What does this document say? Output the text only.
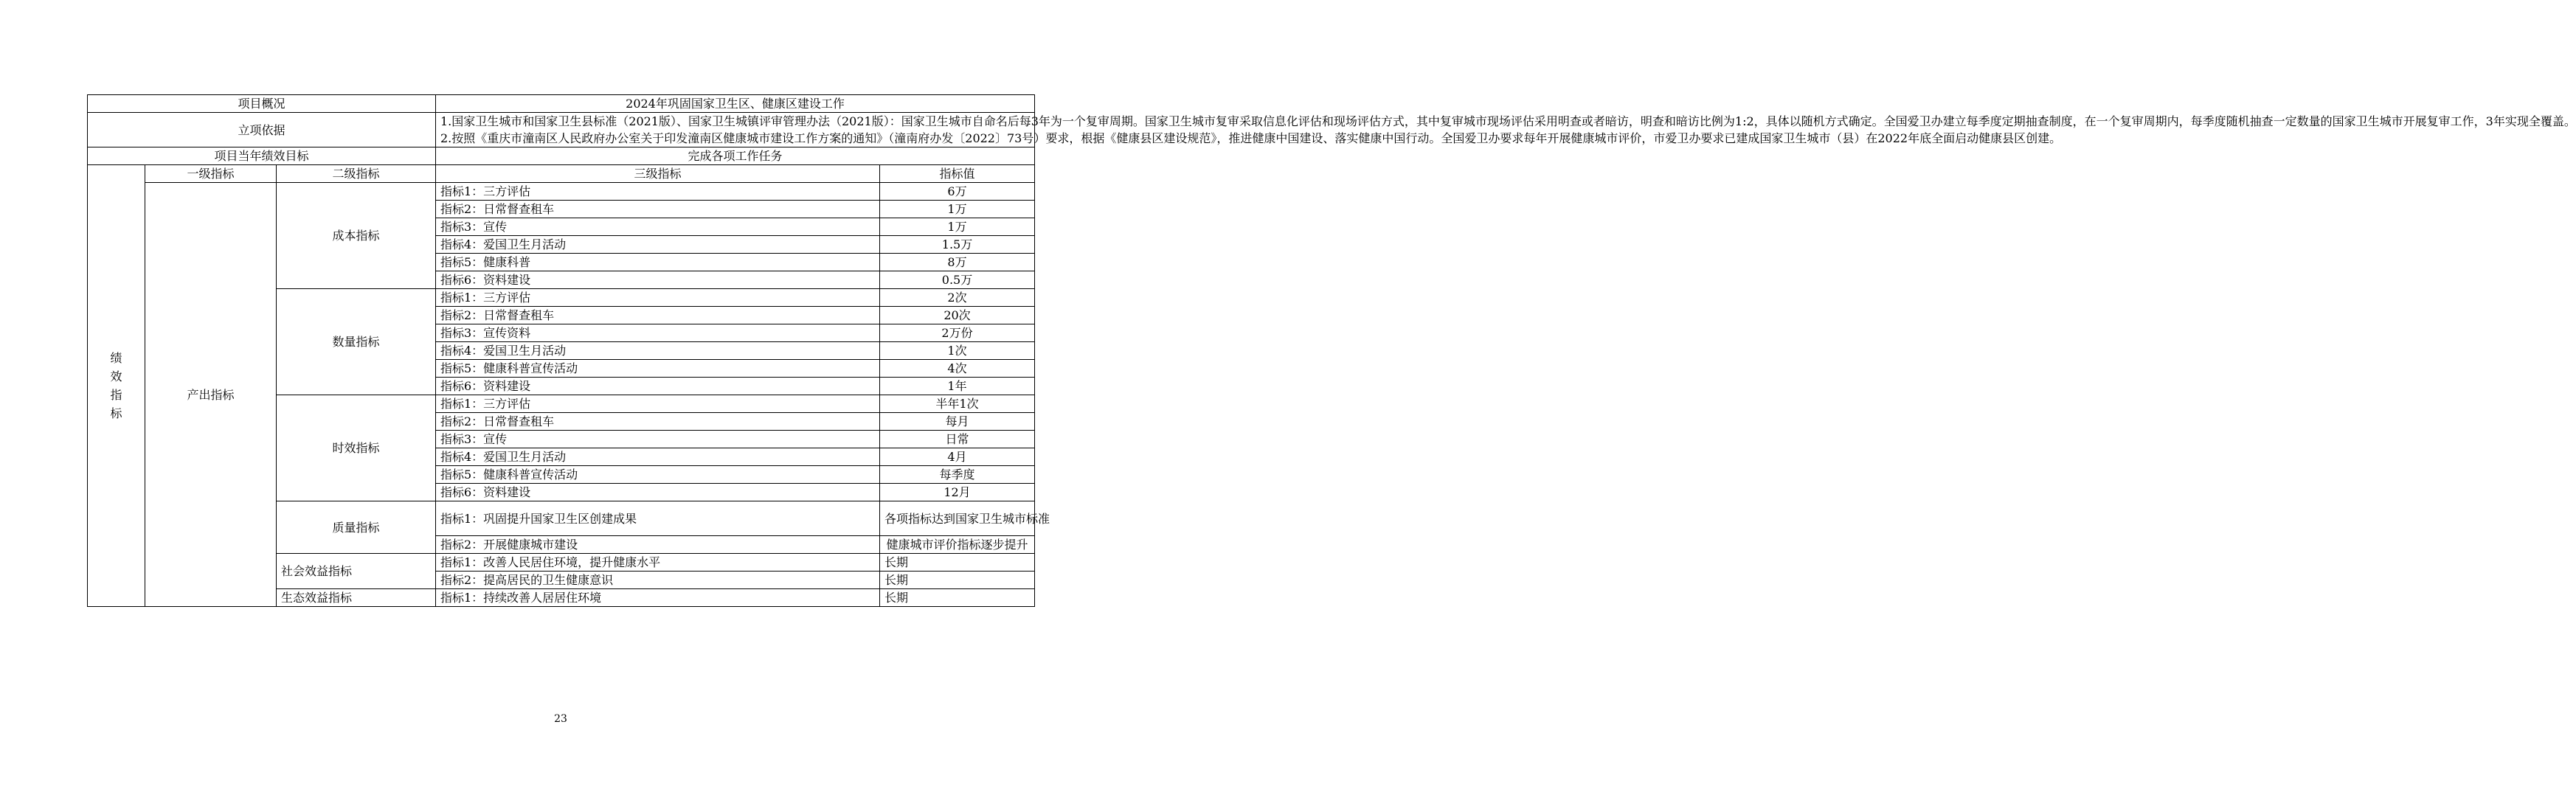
项目概况			2024年巩固国家卫生区、健康区建设工作	
立项依据			1.国家卫生城市和国家卫生县标准（2021版）、国家卫生城镇评审管理办法（2021版）：国家卫生城市自命名后每3年为一个复审周期。国家卫生城市复审采取信息化评估和现场评估方式，其中复审城市现场评估采用明查或者暗访，明查和暗访比例为1:2，具体以随机方式确定。全国爱卫办建立每季度定期抽查制度，在一个复审周期内，每季度随机抽查一定数量的国家卫生城市开展复审工作，3年实现全覆盖。

2.按照《重庆市潼南区人民政府办公室关于印发潼南区健康城市建设工作方案的通知》（潼南府办发〔2022〕73号）要求，根据《健康县区建设规范》，推进健康中国建设、落实健康中国行动。全国爱卫办要求每年开展健康城市评价，市爱卫办要求已建成国家卫生城市（县）在2022年底全面启动健康县区创建。	

项目当年绩效目标			完成各项工作任务	
绩效指标	一级指标	二级指标	三级指标	指标值
	产出指标	成本指标	指标1：三方评估	6万
			指标2：日常督查租车	1万
			指标3：宣传	1万
			指标4：爱国卫生月活动	1.5万
			指标5：健康科普	8万
			指标6：资料建设	0.5万
		数量指标	指标1：三方评估	2次
			指标2：日常督查租车	20次
			指标3：宣传资料	2万份
			指标4：爱国卫生月活动	1次
			指标5：健康科普宣传活动	4次
			指标6：资料建设	1年
		时效指标	指标1：三方评估	半年1次
			指标2：日常督查租车	每月
			指标3：宣传	日常
			指标4：爱国卫生月活动	4月
			指标5：健康科普宣传活动	每季度
			指标6：资料建设	12月
		质量指标	指标1：巩固提升国家卫生区创建成果	各项指标达到国家卫生城市标准
			指标2：开展健康城市建设	健康城市评价指标逐步提升
		社会效益指标	指标1：改善人民居住环境，提升健康水平	长期
			指标2：提高居民的卫生健康意识	长期
		生态效益指标	指标1：持续改善人居居住环境	长期
23
